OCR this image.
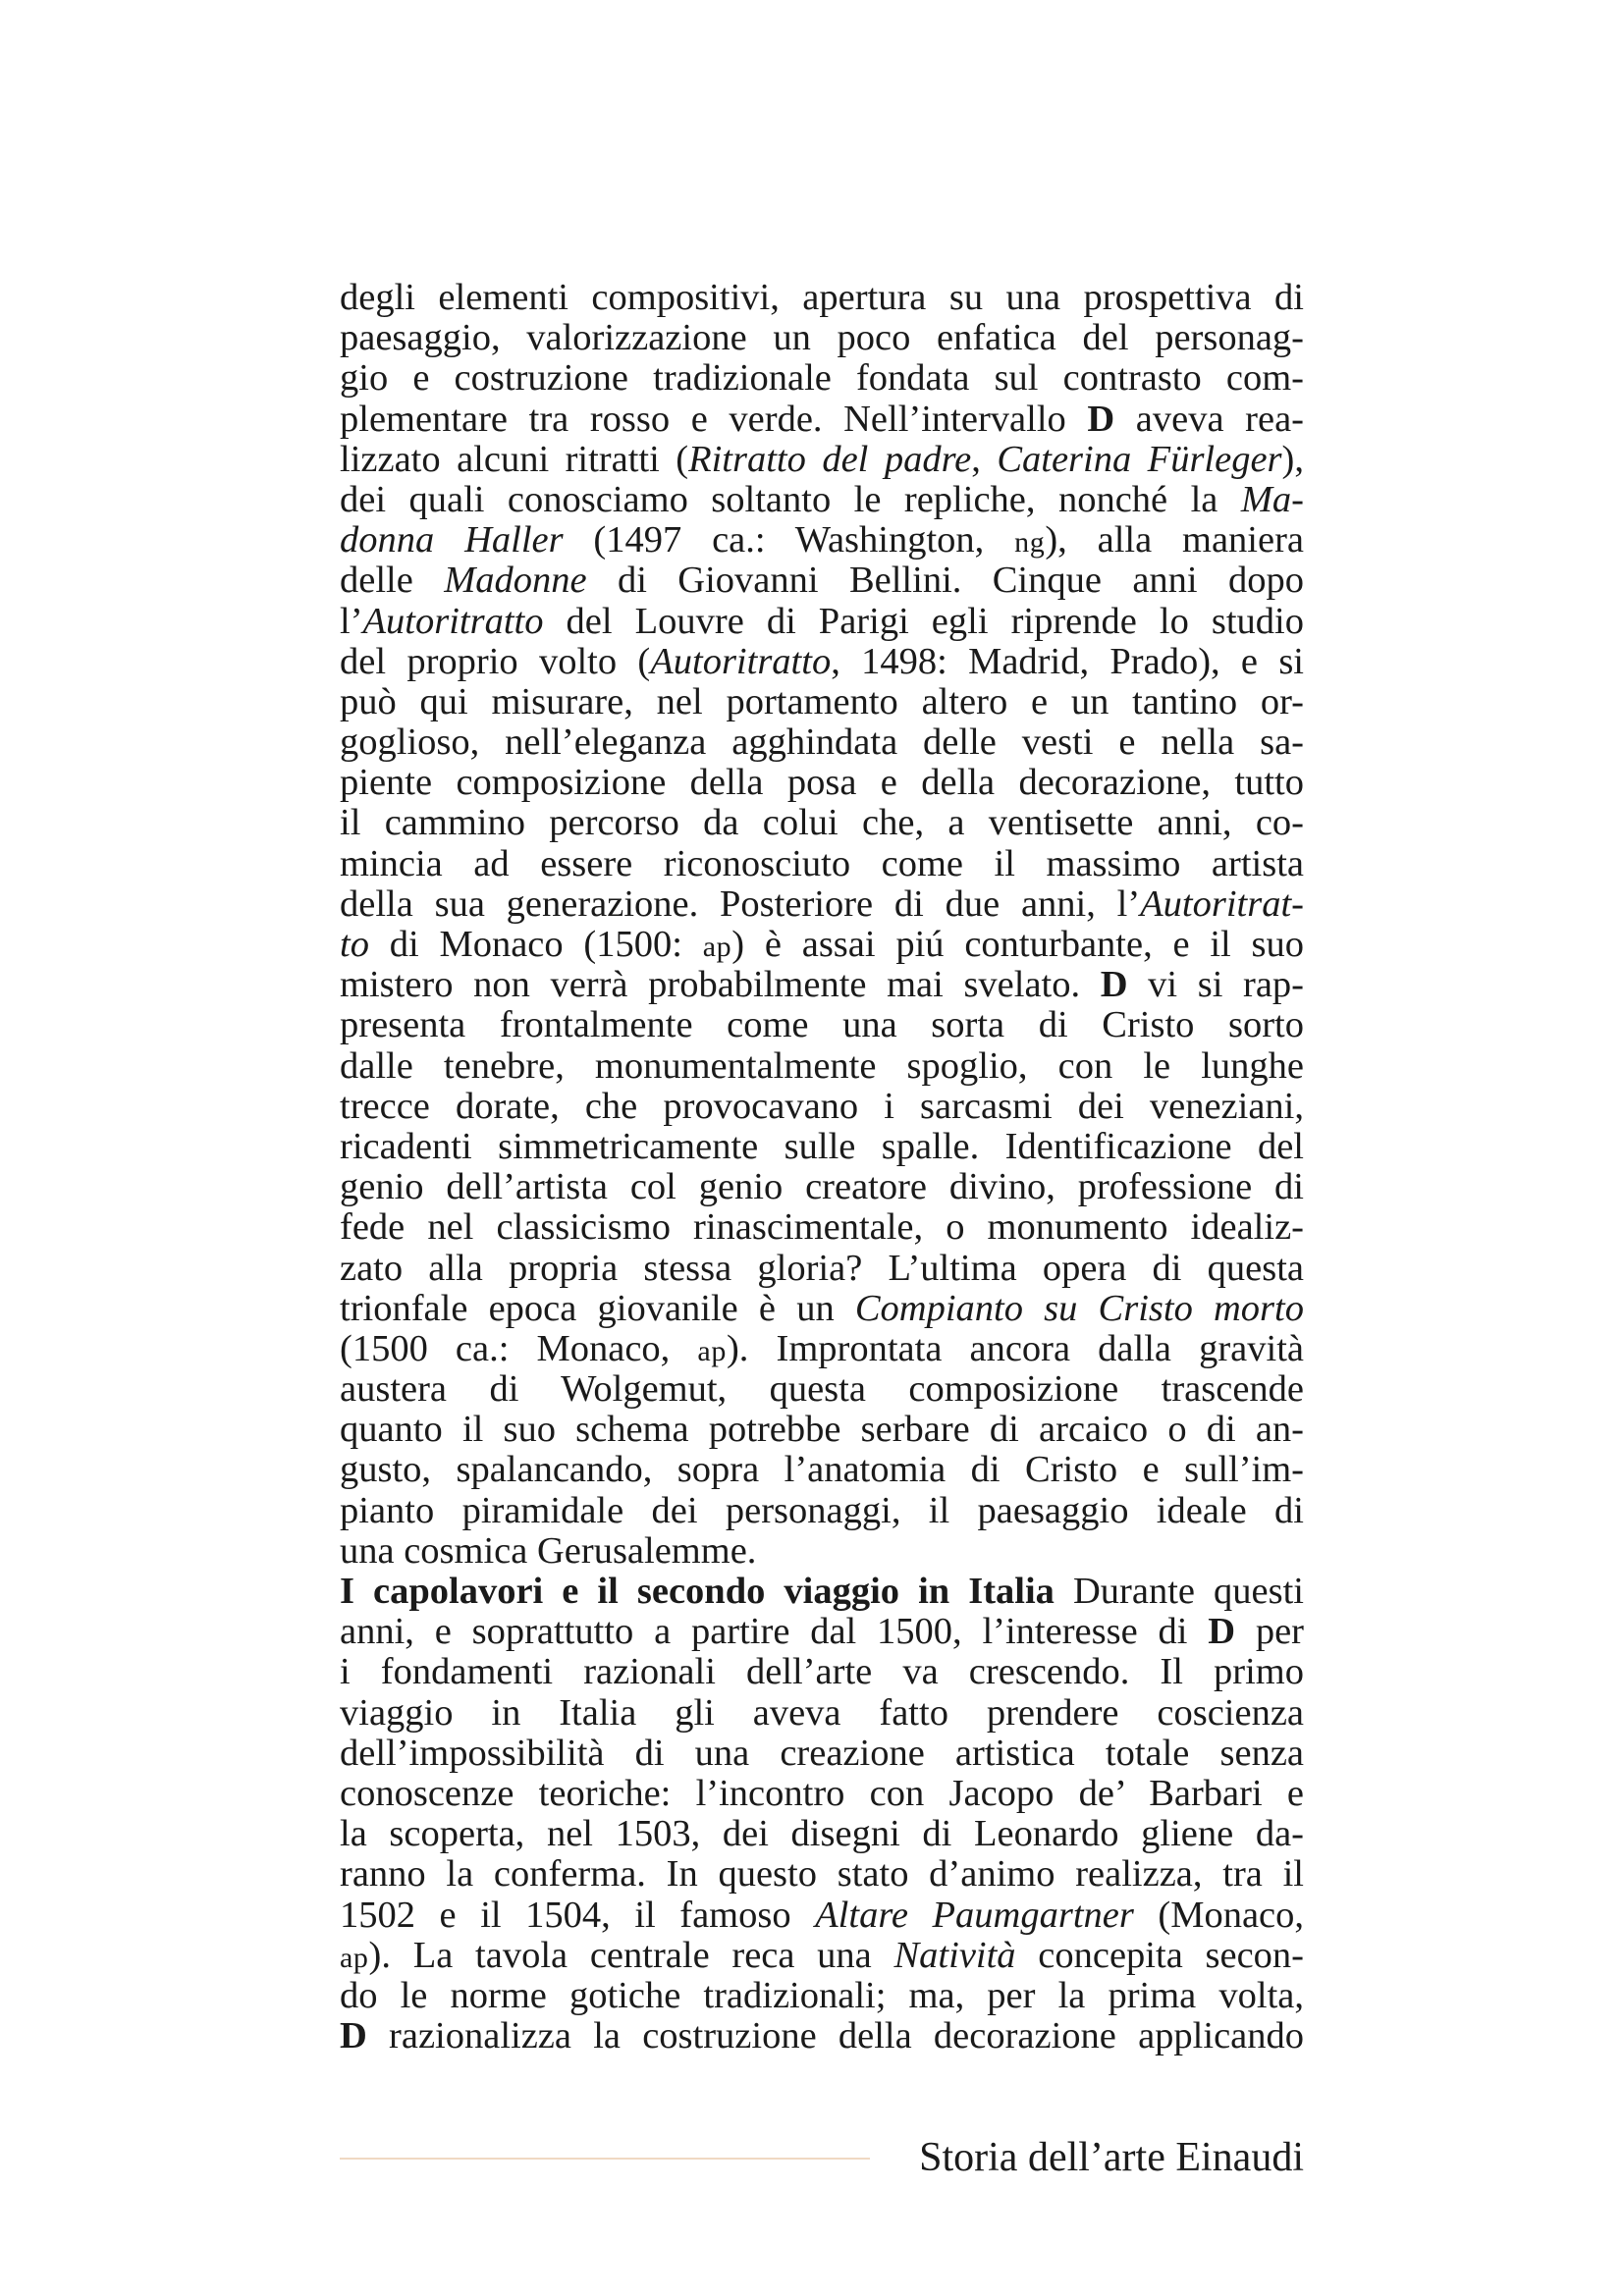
degli elementi compositivi, apertura su una prospettiva di
paesaggio, valorizzazione un poco enfatica del personag-
gio e costruzione tradizionale fondata sul contrasto com-
plementare tra rosso e verde. Nell’intervallo D aveva rea-
lizzato alcuni ritratti (Ritratto del padre, Caterina Fürleger),
dei quali conosciamo soltanto le repliche, nonché la Ma-
donna Haller (1497 ca.: Washington, ng), alla maniera
delle Madonne di Giovanni Bellini. Cinque anni dopo
l’Autoritratto del Louvre di Parigi egli riprende lo studio
del proprio volto (Autoritratto, 1498: Madrid, Prado), e si
può qui misurare, nel portamento altero e un tantino or-
goglioso, nell’eleganza agghindata delle vesti e nella sa-
piente composizione della posa e della decorazione, tutto
il cammino percorso da colui che, a ventisette anni, co-
mincia ad essere riconosciuto come il massimo artista
della sua generazione. Posteriore di due anni, l’Autoritrat-
to di Monaco (1500: ap) è assai piú conturbante, e il suo
mistero non verrà probabilmente mai svelato. D vi si rap-
presenta frontalmente come una sorta di Cristo sorto
dalle tenebre, monumentalmente spoglio, con le lunghe
trecce dorate, che provocavano i sarcasmi dei veneziani,
ricadenti simmetricamente sulle spalle. Identificazione del
genio dell’artista col genio creatore divino, professione di
fede nel classicismo rinascimentale, o monumento idealiz-
zato alla propria stessa gloria? L’ultima opera di questa
trionfale epoca giovanile è un Compianto su Cristo morto
(1500 ca.: Monaco, ap). Improntata ancora dalla gravità
austera di Wolgemut, questa composizione trascende
quanto il suo schema potrebbe serbare di arcaico o di an-
gusto, spalancando, sopra l’anatomia di Cristo e sull’im-
pianto piramidale dei personaggi, il paesaggio ideale di
una cosmica Gerusalemme.
I capolavori e il secondo viaggio in Italia Durante questi
anni, e soprattutto a partire dal 1500, l’interesse di D per
i fondamenti razionali dell’arte va crescendo. Il primo
viaggio in Italia gli aveva fatto prendere coscienza
dell’impossibilità di una creazione artistica totale senza
conoscenze teoriche: l’incontro con Jacopo de’ Barbari e
la scoperta, nel 1503, dei disegni di Leonardo gliene da-
ranno la conferma. In questo stato d’animo realizza, tra il
1502 e il 1504, il famoso Altare Paumgartner (Monaco,
ap). La tavola centrale reca una Natività concepita secon-
do le norme gotiche tradizionali; ma, per la prima volta,
D razionalizza la costruzione della decorazione applicando
Storia dell’arte Einaudi
